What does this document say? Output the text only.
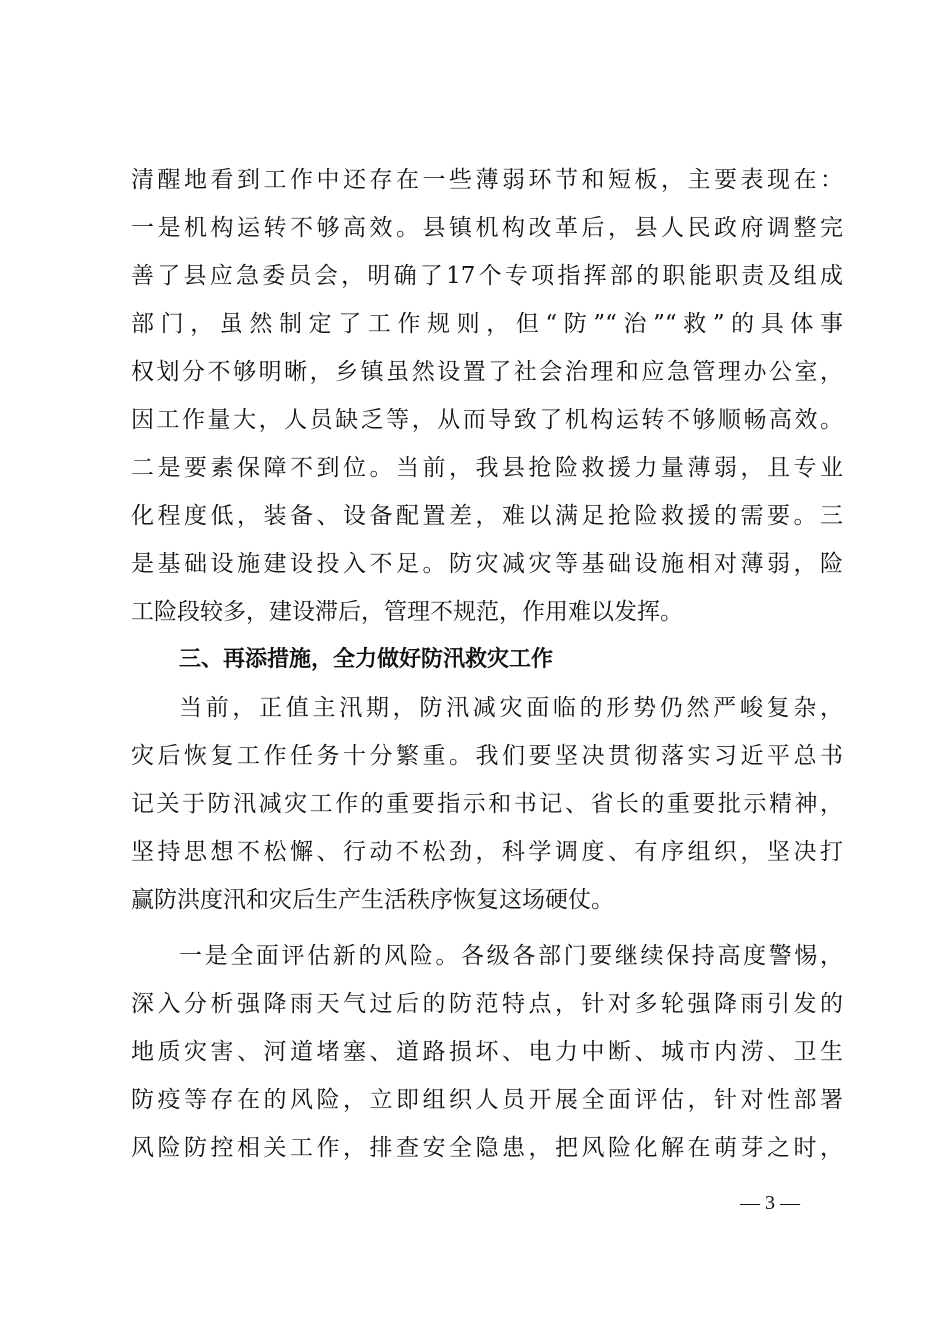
清醒地看到工作中还存在一些薄弱环节和短板，主要表现在：
一是机构运转不够高效。县镇机构改革后，县人民政府调整完
善了县应急委员会，明确了17个专项指挥部的职能职责及组成
部门，虽然制定了工作规则，但“防”“治”“救”的具体事
权划分不够明晰，乡镇虽然设置了社会治理和应急管理办公室，
因工作量大，人员缺乏等，从而导致了机构运转不够顺畅高效。
二是要素保障不到位。当前，我县抢险救援力量薄弱，且专业
化程度低，装备、设备配置差，难以满足抢险救援的需要。三
是基础设施建设投入不足。防灾减灾等基础设施相对薄弱，险
工险段较多，建设滞后，管理不规范，作用难以发挥。
三、再添措施，全力做好防汛救灾工作
当前，正值主汛期，防汛减灾面临的形势仍然严峻复杂，
灾后恢复工作任务十分繁重。我们要坚决贯彻落实习近平总书
记关于防汛减灾工作的重要指示和书记、省长的重要批示精神，
坚持思想不松懈、行动不松劲，科学调度、有序组织，坚决打
赢防洪度汛和灾后生产生活秩序恢复这场硬仗。
一是全面评估新的风险。各级各部门要继续保持高度警惕，
深入分析强降雨天气过后的防范特点，针对多轮强降雨引发的
地质灾害、河道堵塞、道路损坏、电力中断、城市内涝、卫生
防疫等存在的风险，立即组织人员开展全面评估，针对性部署
风险防控相关工作，排查安全隐患，把风险化解在萌芽之时，
— 3 —
